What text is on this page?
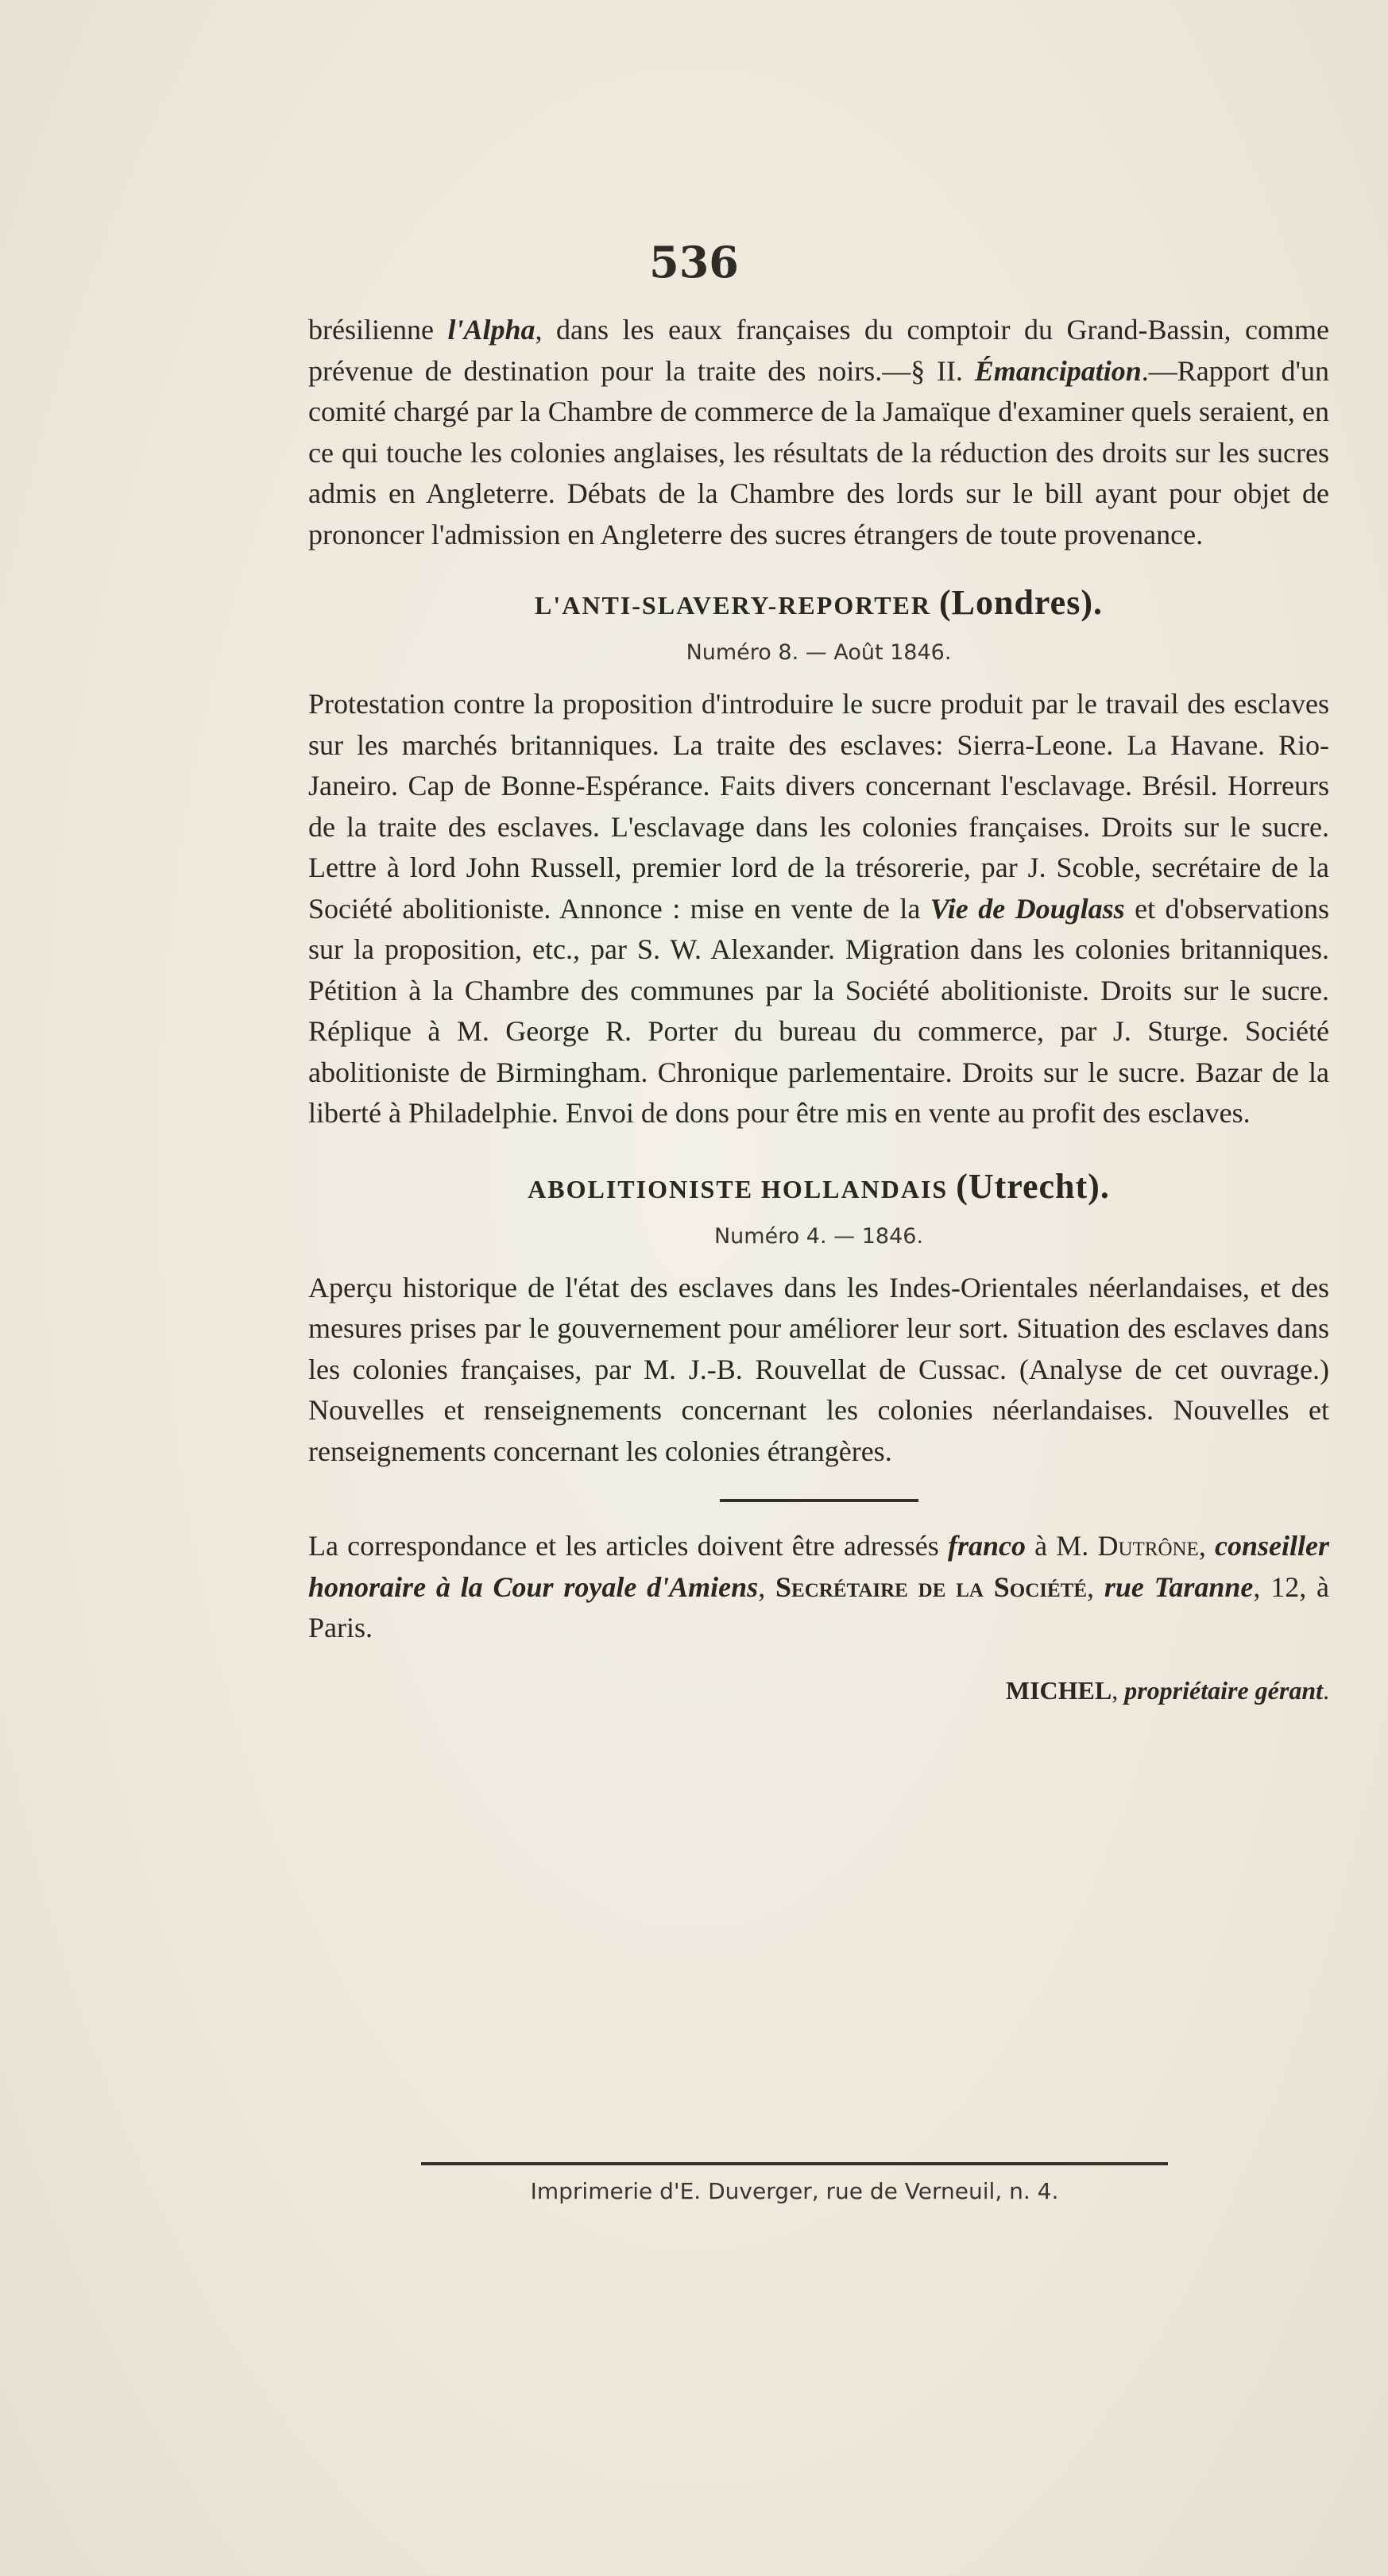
536

brésilienne l'Alpha, dans les eaux françaises du comptoir du Grand-Bassin, comme prévenue de destination pour la traite des noirs.—§ II. Émancipation.—Rapport d'un comité chargé par la Chambre de commerce de la Jamaïque d'examiner quels seraient, en ce qui touche les colonies anglaises, les résultats de la réduction des droits sur les sucres admis en Angleterre. Débats de la Chambre des lords sur le bill ayant pour objet de prononcer l'admission en Angleterre des sucres étrangers de toute provenance.

L'ANTI-SLAVERY-REPORTER (Londres).

Numéro 8. — Août 1846.

Protestation contre la proposition d'introduire le sucre produit par le travail des esclaves sur les marchés britanniques. La traite des esclaves: Sierra-Leone. La Havane. Rio-Janeiro. Cap de Bonne-Espérance. Faits divers concernant l'esclavage. Brésil. Horreurs de la traite des esclaves. L'esclavage dans les colonies françaises. Droits sur le sucre. Lettre à lord John Russell, premier lord de la trésorerie, par J. Scoble, secrétaire de la Société abolitioniste. Annonce : mise en vente de la Vie de Douglass et d'observations sur la proposition, etc., par S. W. Alexander. Migration dans les colonies britanniques. Pétition à la Chambre des communes par la Société abolitioniste. Droits sur le sucre. Réplique à M. George R. Porter du bureau du commerce, par J. Sturge. Société abolitioniste de Birmingham. Chronique parlementaire. Droits sur le sucre. Bazar de la liberté à Philadelphie. Envoi de dons pour être mis en vente au profit des esclaves.

ABOLITIONISTE HOLLANDAIS (Utrecht).

Numéro 4. — 1846.

Aperçu historique de l'état des esclaves dans les Indes-Orientales néerlandaises, et des mesures prises par le gouvernement pour améliorer leur sort. Situation des esclaves dans les colonies françaises, par M. J.-B. Rouvellat de Cussac. (Analyse de cet ouvrage.) Nouvelles et renseignements concernant les colonies néerlandaises. Nouvelles et renseignements concernant les colonies étrangères.

La correspondance et les articles doivent être adressés franco à M. Dutrône, conseiller honoraire à la Cour royale d'Amiens, Secrétaire de la Société, rue Taranne, 12, à Paris.

MICHEL, propriétaire gérant.

Imprimerie d'E. Duverger, rue de Verneuil, n. 4.
